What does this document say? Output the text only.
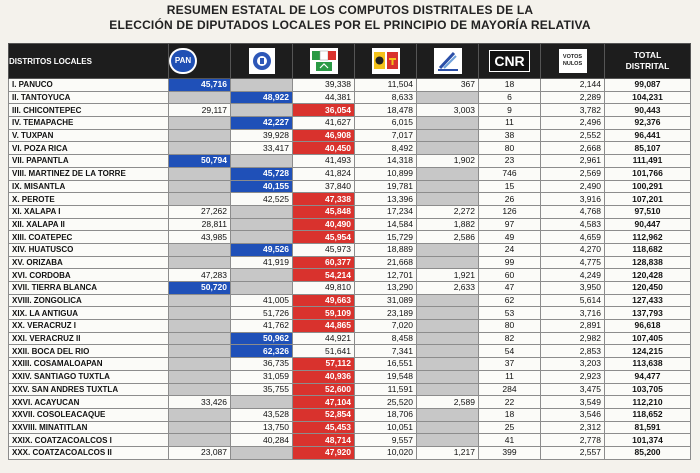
RESUMEN ESTATAL DE LOS COMPUTOS DISTRITALES DE LA
ELECCIÓN DE DIPUTADOS LOCALES POR EL PRINCIPIO DE MAYORÍA RELATIVA
DISTRITOS LOCALES	PAN					CNR	VOTOS NULOS	TOTAL
DISTRITAL

I. PANUCO	45,716		39,338	11,504	367	18	2,144	99,087
II. TANTOYUCA		48,922	44,381	8,633		6	2,289	104,231
III. CHICONTEPEC	29,117		36,054	18,478	3,003	9	3,782	90,443
IV. TEMAPACHE		42,227	41,627	6,015		11	2,496	92,376
V. TUXPAN		39,928	46,908	7,017		38	2,552	96,441
VI. POZA RICA		33,417	40,450	8,492		80	2,668	85,107
VII. PAPANTLA	50,794		41,493	14,318	1,902	23	2,961	111,491
VIII. MARTINEZ DE LA TORRE		45,728	41,824	10,899		746	2,569	101,766
IX. MISANTLA		40,155	37,840	19,781		15	2,490	100,291
X. PEROTE		42,525	47,338	13,396		26	3,916	107,201
XI. XALAPA I	27,262		45,848	17,234	2,272	126	4,768	97,510
XII. XALAPA II	28,811		40,490	14,584	1,882	97	4,583	90,447
XIII. COATEPEC	43,985		45,954	15,729	2,586	49	4,659	112,962
XIV. HUATUSCO		49,526	45,973	18,889		24	4,270	118,682
XV. ORIZABA		41,919	60,377	21,668		99	4,775	128,838
XVI. CORDOBA	47,283		54,214	12,701	1,921	60	4,249	120,428
XVII. TIERRA BLANCA	50,720		49,810	13,290	2,633	47	3,950	120,450
XVIII. ZONGOLICA		41,005	49,663	31,089		62	5,614	127,433
XIX. LA ANTIGUA		51,726	59,109	23,189		53	3,716	137,793
XX. VERACRUZ I		41,762	44,865	7,020		80	2,891	96,618
XXI. VERACRUZ II		50,962	44,921	8,458		82	2,982	107,405
XXII. BOCA DEL RIO		62,326	51,641	7,341		54	2,853	124,215
XXIII. COSAMALOAPAN		36,735	57,112	16,551		37	3,203	113,638
XXIV. SANTIAGO TUXTLA		31,059	40,936	19,548		11	2,923	94,477
XXV. SAN ANDRES TUXTLA		35,755	52,600	11,591		284	3,475	103,705
XXVI. ACAYUCAN	33,426		47,104	25,520	2,589	22	3,549	112,210
XXVII. COSOLEACAQUE		43,528	52,854	18,706		18	3,546	118,652
XXVIII. MINATITLAN		13,750	45,453	10,051		25	2,312	81,591
XXIX. COATZACOALCOS I		40,284	48,714	9,557		41	2,778	101,374
XXX. COATZACOALCOS II	23,087		47,920	10,020	1,217	399	2,557	85,200
